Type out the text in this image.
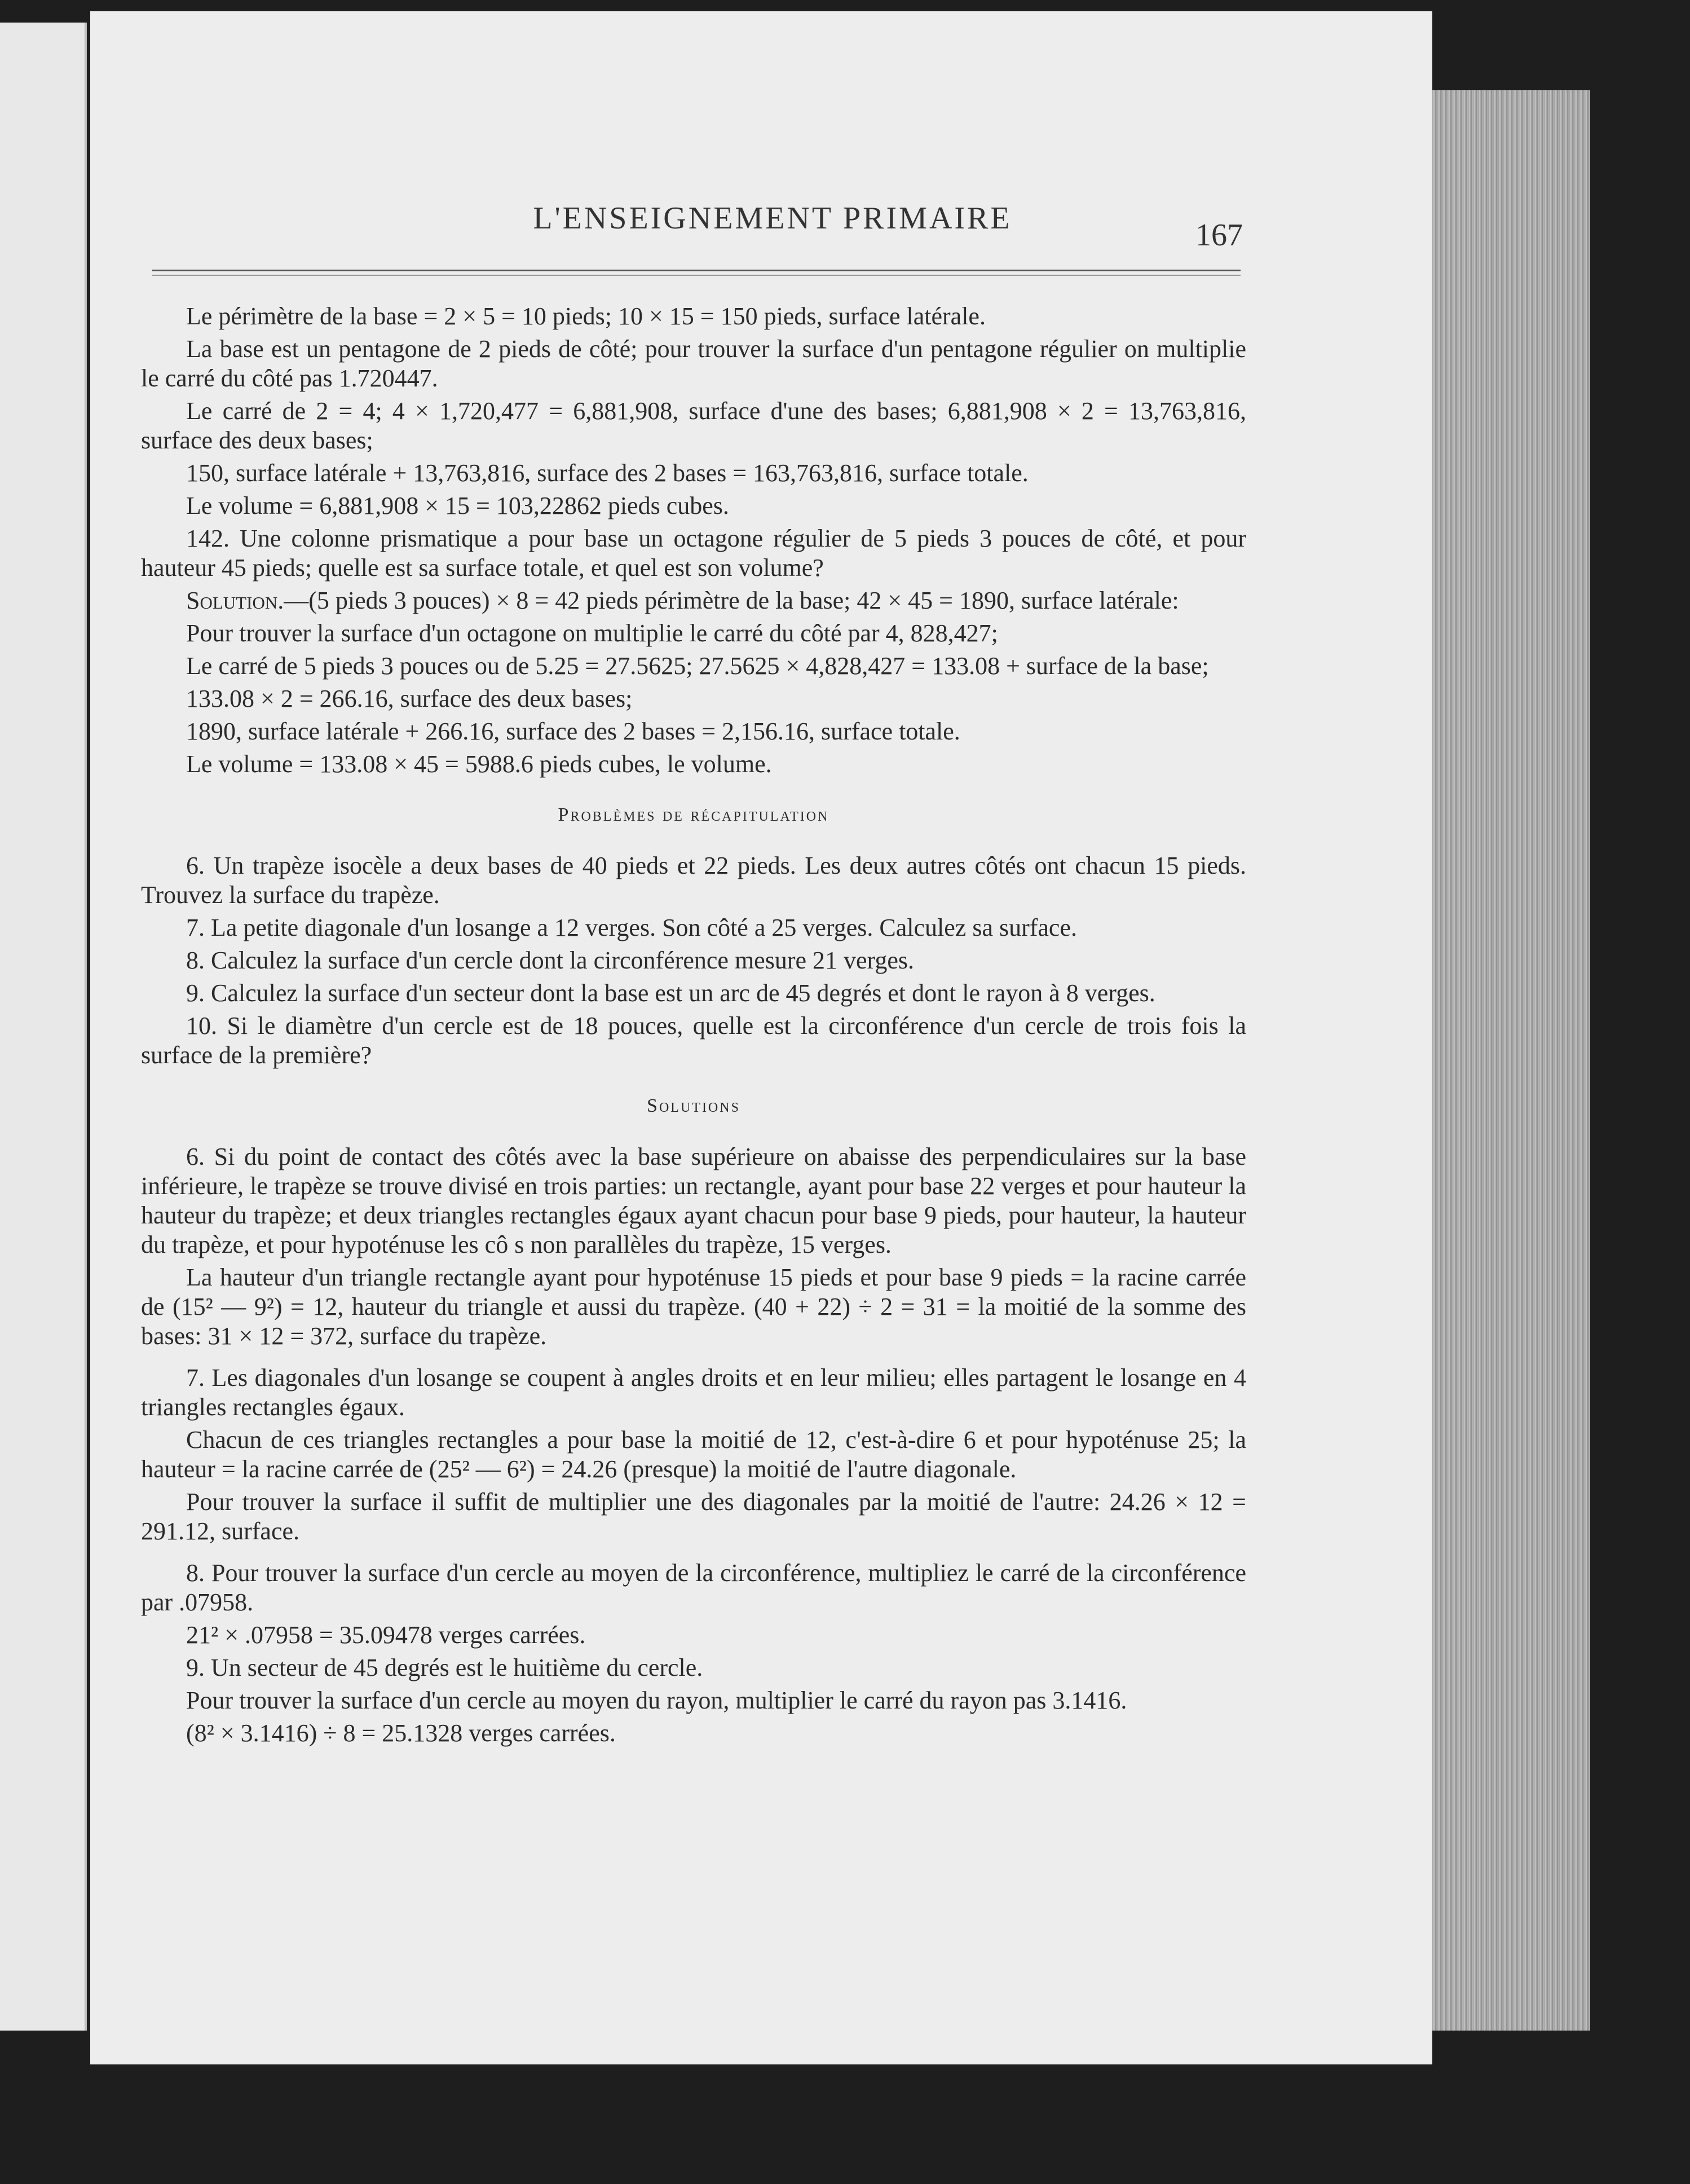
L'ENSEIGNEMENT PRIMAIRE	167

Le périmètre de la base = 2 × 5 = 10 pieds; 10 × 15 = 150 pieds, surface latérale.

La base est un pentagone de 2 pieds de côté; pour trouver la surface d'un pentagone régulier on multiplie le carré du côté pas 1.720447.

Le carré de 2 = 4; 4 × 1,720,477 = 6,881,908, surface d'une des bases; 6,881,908 × 2 = 13,763,816, surface des deux bases;

150, surface latérale + 13,763,816, surface des 2 bases = 163,763,816, surface totale.

Le volume = 6,881,908 × 15 = 103,22862 pieds cubes.

142. Une colonne prismatique a pour base un octagone régulier de 5 pieds 3 pouces de côté, et pour hauteur 45 pieds; quelle est sa surface totale, et quel est son volume?

Solution.—(5 pieds 3 pouces) × 8 = 42 pieds périmètre de la base; 42 × 45 = 1890, surface latérale:

Pour trouver la surface d'un octagone on multiplie le carré du côté par 4, 828,427;

Le carré de 5 pieds 3 pouces ou de 5.25 = 27.5625; 27.5625 × 4,828,427 = 133.08 + surface de la base;

133.08 × 2 = 266.16, surface des deux bases;

1890, surface latérale + 266.16, surface des 2 bases = 2,156.16, surface totale.

Le volume = 133.08 × 45 = 5988.6 pieds cubes, le volume.

Problèmes de récapitulation

6. Un trapèze isocèle a deux bases de 40 pieds et 22 pieds. Les deux autres côtés ont chacun 15 pieds. Trouvez la surface du trapèze.

7. La petite diagonale d'un losange a 12 verges. Son côté a 25 verges. Calculez sa surface.

8. Calculez la surface d'un cercle dont la circonférence mesure 21 verges.

9. Calculez la surface d'un secteur dont la base est un arc de 45 degrés et dont le rayon à 8 verges.

10. Si le diamètre d'un cercle est de 18 pouces, quelle est la circonférence d'un cercle de trois fois la surface de la première?

Solutions

6. Si du point de contact des côtés avec la base supérieure on abaisse des perpendiculaires sur la base inférieure, le trapèze se trouve divisé en trois parties: un rectangle, ayant pour base 22 verges et pour hauteur la hauteur du trapèze; et deux triangles rectangles égaux ayant chacun pour base 9 pieds, pour hauteur, la hauteur du trapèze, et pour hypoténuse les cô s non parallèles du trapèze, 15 verges.

La hauteur d'un triangle rectangle ayant pour hypoténuse 15 pieds et pour base 9 pieds = la racine carrée de (15² — 9²) = 12, hauteur du triangle et aussi du trapèze. (40 + 22) ÷ 2 = 31 = la moitié de la somme des bases: 31 × 12 = 372, surface du trapèze.

7. Les diagonales d'un losange se coupent à angles droits et en leur milieu; elles partagent le losange en 4 triangles rectangles égaux.

Chacun de ces triangles rectangles a pour base la moitié de 12, c'est-à-dire 6 et pour hypoténuse 25; la hauteur = la racine carrée de (25² — 6²) = 24.26 (presque) la moitié de l'autre diagonale.

Pour trouver la surface il suffit de multiplier une des diagonales par la moitié de l'autre: 24.26 × 12 = 291.12, surface.

8. Pour trouver la surface d'un cercle au moyen de la circonférence, multipliez le carré de la circonférence par .07958.

21² × .07958 = 35.09478 verges carrées.

9. Un secteur de 45 degrés est le huitième du cercle.

Pour trouver la surface d'un cercle au moyen du rayon, multiplier le carré du rayon pas 3.1416.

(8² × 3.1416) ÷ 8 = 25.1328 verges carrées.
